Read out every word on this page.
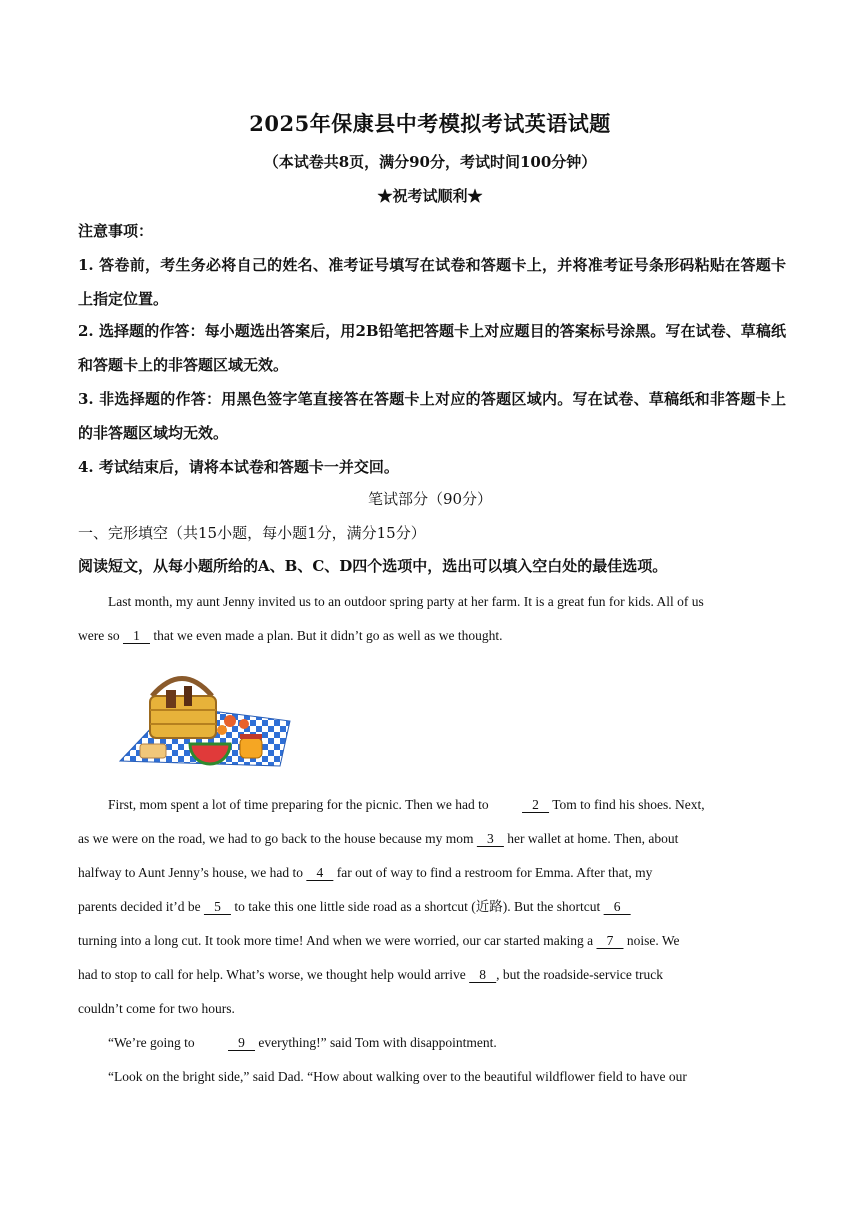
2025年保康县中考模拟考试英语试题
（本试卷共8页，满分90分，考试时间100分钟）
★祝考试顺利★
注意事项：
1. 答卷前，考生务必将自己的姓名、准考证号填写在试卷和答题卡上，并将准考证号条形码粘贴在答题卡上指定位置。
2. 选择题的作答：每小题选出答案后，用2B铅笔把答题卡上对应题目的答案标号涂黑。写在试卷、草稿纸和答题卡上的非答题区域无效。
3. 非选择题的作答：用黑色签字笔直接答在答题卡上对应的答题区域内。写在试卷、草稿纸和非答题卡上的非答题区域均无效。
4. 考试结束后，请将本试卷和答题卡一并交回。
笔试部分（90分）
一、完形填空（共15小题，每小题1分，满分15分）
阅读短文，从每小题所给的A、B、C、D四个选项中，选出可以填入空白处的最佳选项。
Last month, my aunt Jenny invited us to an outdoor spring party at her farm. It is a great fun for kids. All of us
were so    1    that we even made a plan. But it didn’t go as well as we thought.
First, mom spent a lot of time preparing for the picnic. Then we had to    2    Tom to find his shoes. Next,
as we were on the road, we had to go back to the house because my mom    3    her wallet at home. Then, about
halfway to Aunt Jenny’s house, we had to    4    far out of way to find a restroom for Emma. After that, my
parents decided it’d be    5    to take this one little side road as a shortcut (近路). But the shortcut    6
turning into a long cut. It took more time! And when we were worried, our car started making a    7    noise. We
had to stop to call for help. What’s worse, we thought help would arrive    8   , but the roadside-service truck
couldn’t come for two hours.
“We’re going to    9    everything!” said Tom with disappointment.
“Look on the bright side,” said Dad. “How about walking over to the beautiful wildflower field to have our
